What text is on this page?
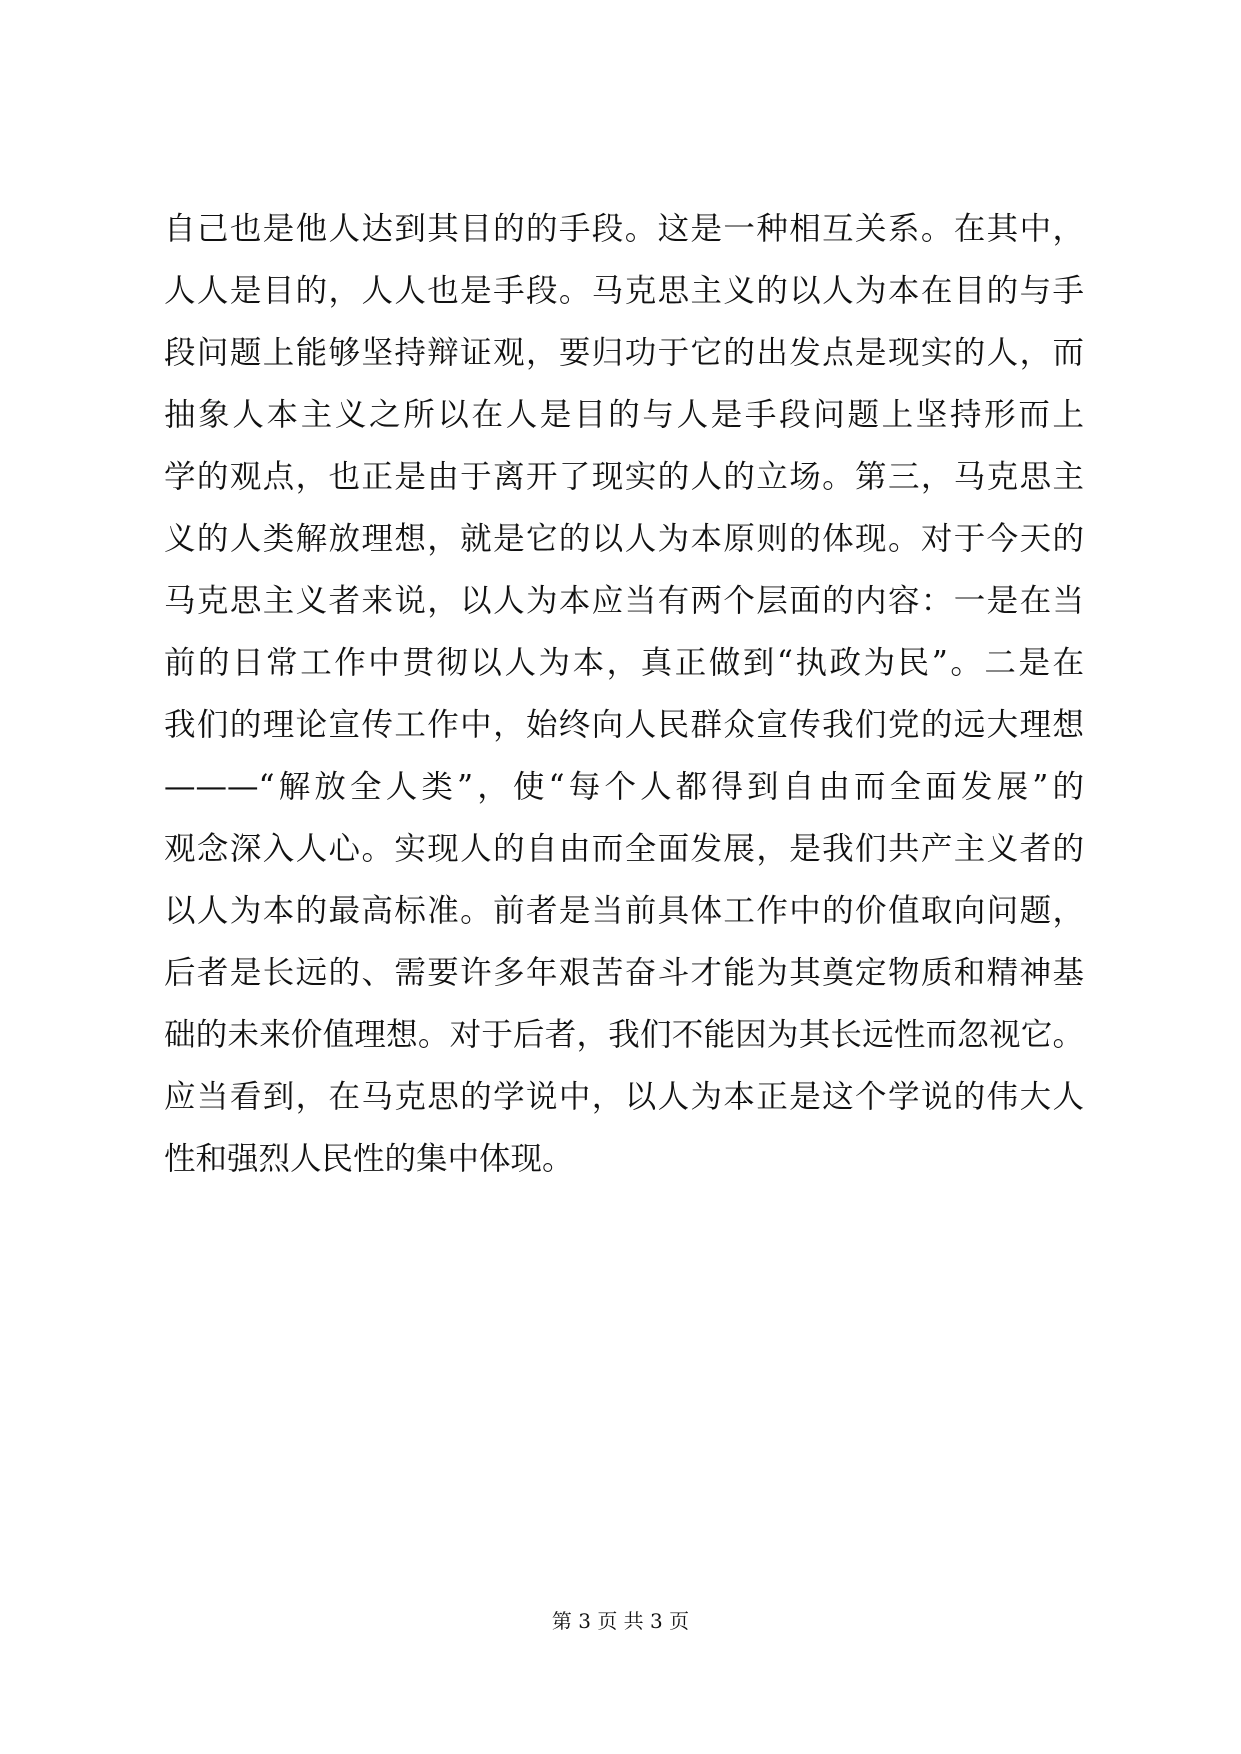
自己也是他人达到其目的的手段。这是一种相互关系。在其中，
人人是目的，人人也是手段。马克思主义的以人为本在目的与手
段问题上能够坚持辩证观，要归功于它的出发点是现实的人，而
抽象人本主义之所以在人是目的与人是手段问题上坚持形而上
学的观点，也正是由于离开了现实的人的立场。第三，马克思主
义的人类解放理想，就是它的以人为本原则的体现。对于今天的
马克思主义者来说，以人为本应当有两个层面的内容：一是在当
前的日常工作中贯彻以人为本，真正做到“执政为民”。二是在
我们的理论宣传工作中，始终向人民群众宣传我们党的远大理想
———“解放全人类”，使“每个人都得到自由而全面发展”的
观念深入人心。实现人的自由而全面发展，是我们共产主义者的
以人为本的最高标准。前者是当前具体工作中的价值取向问题，
后者是长远的、需要许多年艰苦奋斗才能为其奠定物质和精神基
础的未来价值理想。对于后者，我们不能因为其长远性而忽视它。
应当看到，在马克思的学说中，以人为本正是这个学说的伟大人
性和强烈人民性的集中体现。
第 3 页 共 3 页
